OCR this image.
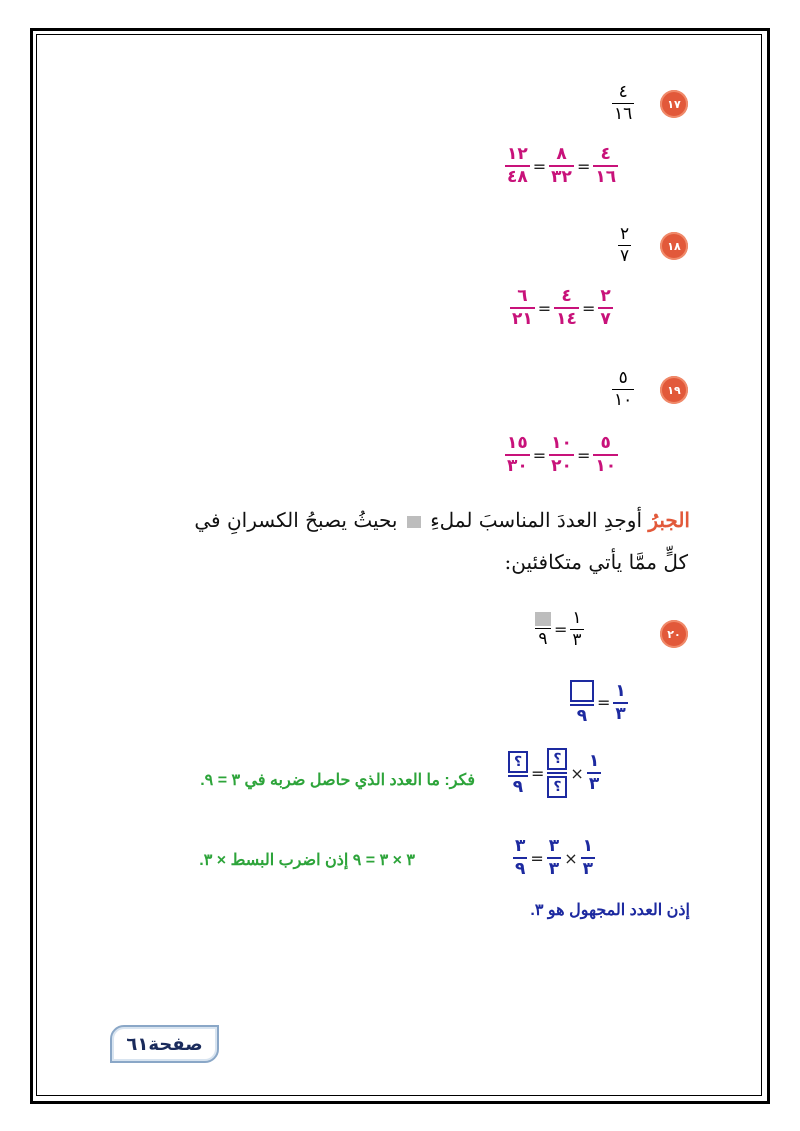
١٧
٤
١٦
$\frac{٤}{١٦}$
=
$\frac{٨}{٣٢}$
=
$\frac{١٢}{٤٨}$
١٨
٢
٧
$\frac{٢}{٧}$
=
$\frac{٤}{١٤}$
=
$\frac{٦}{٢١}$
١٩
٥
١٠
$\frac{٥}{١٠}$
=
$\frac{١٠}{٢٠}$
=
$\frac{١٥}{٣٠}$
الجبرُ أوجدِ العددَ المناسبَ لملءِ  بحيثُ يصبحُ الكسرانِ في
كلٍّ ممَّا يأتي متكافئين:
٢٠
$\frac{١}{٣}$
=
٩
$\frac{١}{٣}$
=
٩
$\frac{١}{٣}$
×
$\frac{؟}{؟}$
=
$\frac{؟}{٩}$
فكر: ما العدد الذي حاصل ضربه في ٣ = ٩.
$\frac{١}{٣}$
×
$\frac{٣}{٣}$
=
$\frac{٣}{٩}$
٣ × ٣ = ٩ إذن اضرب البسط × ٣.
إذن العدد المجهول هو ٣.
صفحة
٦١
